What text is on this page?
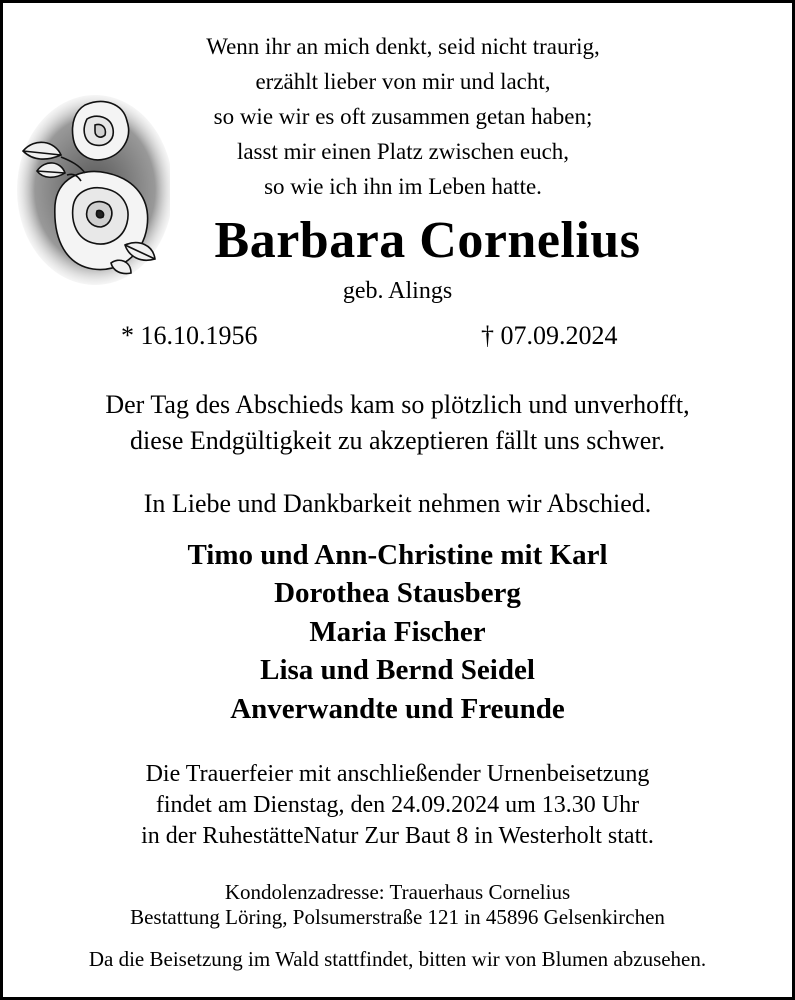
Wenn ihr an mich denkt, seid nicht traurig,
erzählt lieber von mir und lacht,
so wie wir es oft zusammen getan haben;
lasst mir einen Platz zwischen euch,
so wie ich ihn im Leben hatte.
Barbara Cornelius
geb. Alings
* 16.10.1956	† 07.09.2024
Der Tag des Abschieds kam so plötzlich und unverhofft,
diese Endgültigkeit zu akzeptieren fällt uns schwer.
In Liebe und Dankbarkeit nehmen wir Abschied.
Timo und Ann-Christine mit Karl
Dorothea Stausberg
Maria Fischer
Lisa und Bernd Seidel
Anverwandte und Freunde
Die Trauerfeier mit anschließender Urnenbeisetzung
findet am Dienstag, den 24.09.2024 um 13.30 Uhr
in der RuhestätteNatur Zur Baut 8 in Westerholt statt.
Kondolenzadresse: Trauerhaus Cornelius
Bestattung Löring, Polsumerstraße 121 in 45896 Gelsenkirchen
Da die Beisetzung im Wald stattfindet, bitten wir von Blumen abzusehen.
